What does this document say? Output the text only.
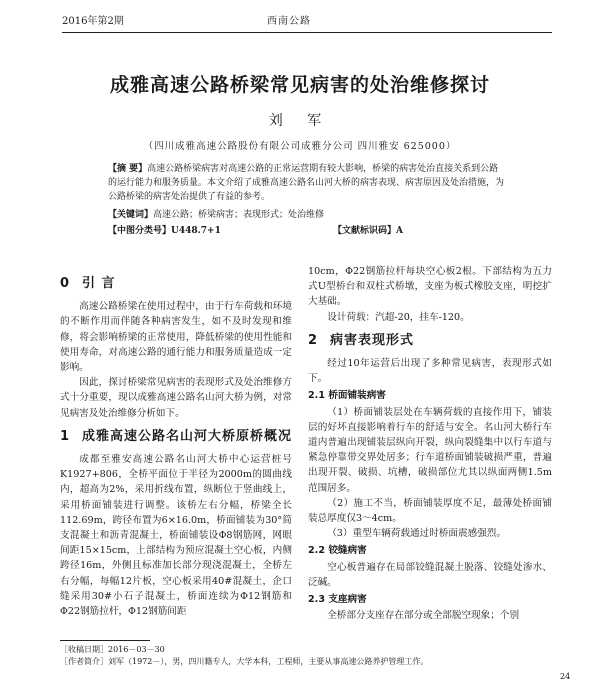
2016年第2期	西南公路
成雅高速公路桥梁常见病害的处治维修探讨
刘 军
（四川成雅高速公路股份有限公司成雅分公司 四川雅安 625000）

【摘 要】高速公路桥梁病害对高速公路的正常运营期有较大影响，桥梁的病害处治直接关系到公路的运行能力和服务质量。本文介绍了成雅高速公路名山河大桥的病害表现、病害原因及处治措施，为公路桥梁的病害处治提供了有益的参考。

【关键词】高速公路；桥梁病害；表现形式；处治维修
【中图分类号】U448.7+1	【文献标识码】A
0 引 言

高速公路桥梁在使用过程中，由于行车荷载和环境的不断作用而伴随各种病害发生，如不及时发现和维修，将会影响桥梁的正常使用，降低桥梁的使用性能和使用寿命，对高速公路的通行能力和服务质量造成一定影响。

因此，探讨桥梁常见病害的表现形式及处治维修方式十分重要，现以成雅高速公路名山河大桥为例，对常见病害及处治维修分析如下。

1 成雅高速公路名山河大桥原桥概况

成都至雅安高速公路名山河大桥中心运营桩号K1927+806，全桥平面位于半径为2000m的圆曲线内，超高为2%，采用折线布置，纵断位于竖曲线上，采用桥面铺装进行调整。该桥左右分幅，桥梁全长112.69m，跨径布置为6×16.0m，桥面铺装为30°简支混凝土和沥青混凝土，桥面铺装设Φ8钢筋网，网眼间距15×15cm，上部结构为预应混凝土空心板，内侧跨径16m，外侧且标准加长部分现浇混凝土，全桥左右分幅，每幅12片板，空心板采用40#混凝土，企口缝采用30#小石子混凝土，桥面连续为Φ12钢筋和Φ22钢筋拉杆，Φ12钢筋间距

10cm，Φ22钢筋拉杆每块空心板2根。下部结构为五力式U型桥台和双柱式桥墩，支座为板式橡胶支座，明挖扩大基础。

设计荷载：汽超-20，挂车-120。

2 病害表现形式

经过10年运营后出现了多种常见病害，表现形式如下。

2.1 桥面铺装病害

（1）桥面铺装层处在车辆荷载的直接作用下，铺装层的好坏直接影响着行车的舒适与安全。名山河大桥行车道内普遍出现铺装层纵向开裂，纵向裂缝集中以行车道与紧急停靠带交界处居多；行车道桥面铺装破损严重，普遍出现开裂、破损、坑槽，破损部位尤其以纵面两侧1.5m范围居多。

（2）施工不当，桥面铺装厚度不足，最薄处桥面铺装总厚度仅3～4cm。

（3）重型车辆荷载通过时桥面震感强烈。

2.2 铰缝病害

空心板普遍存在局部铰缝混凝土脱落、铰缝处渗水、泛碱。

2.3 支座病害

全桥部分支座存在部分或全部脱空现象；个别

［收稿日期］2016－03－30
［作者简介］刘军（1972－），男，四川籍专人，大学本科，工程师，主要从事高速公路养护管理工作。
24
